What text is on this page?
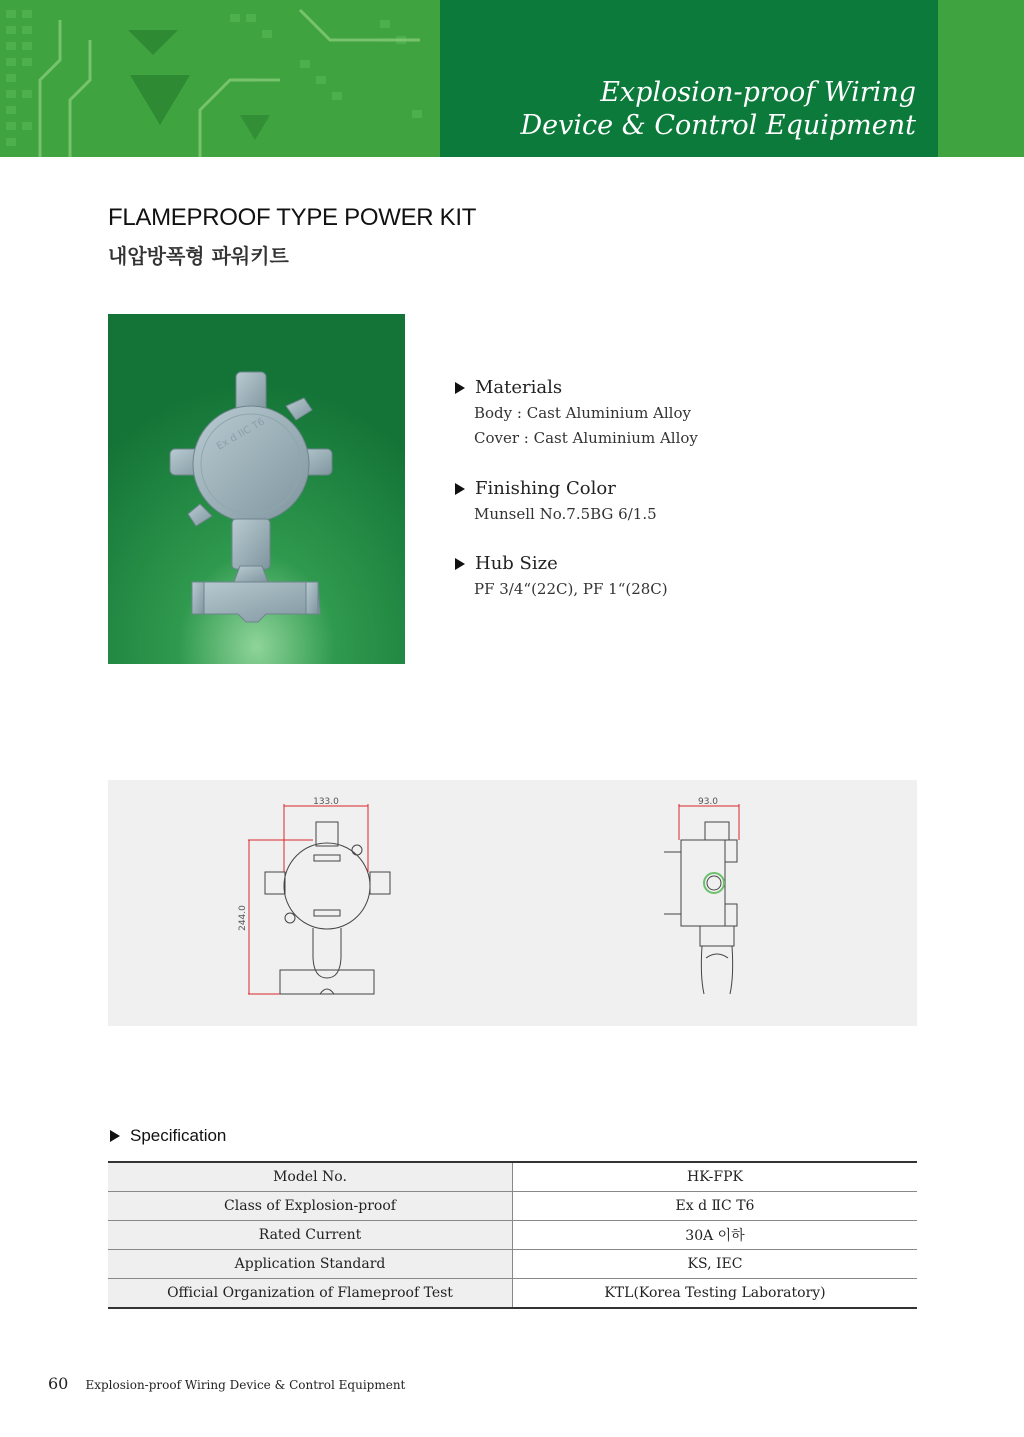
Explosion-proof Wiring
Device & Control Equipment
FLAMEPROOF TYPE POWER KIT
내압방폭형 파워키트
Ex d IIC T6
Materials
Body : Cast Aluminium Alloy
Cover : Cast Aluminium Alloy
Finishing Color
Munsell No.7.5BG 6/1.5
Hub Size
PF 3/4“(22C), PF 1“(28C)
133.0
244.0
93.0
Specification
Model No.	HK-FPK
Class of Explosion-proof	Ex d ⅡC T6
Rated Current	30A 이하
Application Standard	KS, IEC
Official Organization of Flameproof Test	KTL(Korea Testing Laboratory)
60 Explosion-proof Wiring Device & Control Equipment
